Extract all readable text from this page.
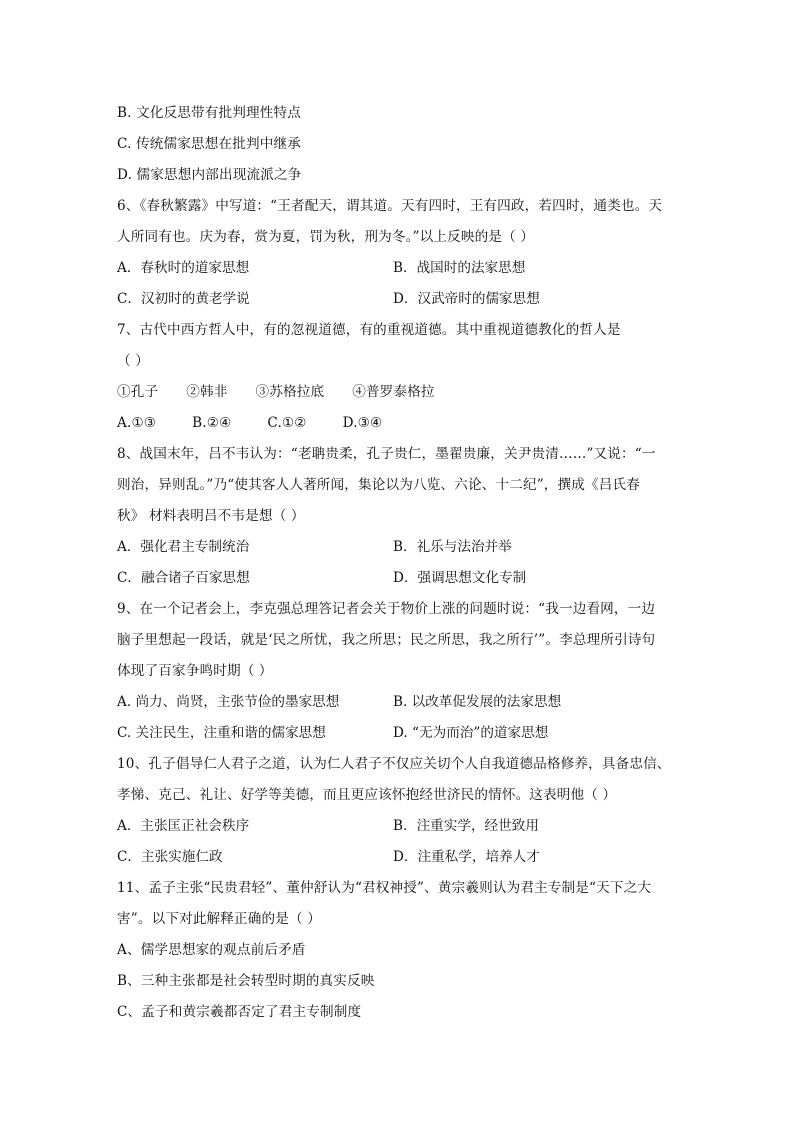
B. 文化反思带有批判理性特点
C. 传统儒家思想在批判中继承
D. 儒家思想内部出现流派之争
6、《春秋繁露》中写道：“王者配天，谓其道。天有四时，王有四政，若四时，通类也。天
人所同有也。庆为春，赏为夏，罚为秋，刑为冬。”以上反映的是（ ）
A．春秋时的道家思想	B．战国时的法家思想
C．汉初时的黄老学说	D．汉武帝时的儒家思想
7、古代中西方哲人中，有的忽视道德，有的重视道德。其中重视道德教化的哲人是
（ ）
①孔子 ②韩非 ③苏格拉底 ④普罗泰格拉
A.①③	B.②④	C.①②	D.③④
8、战国末年，吕不韦认为：“老聃贵柔，孔子贵仁，墨翟贵廉，关尹贵清……”又说：“一
则治，异则乱。”乃“使其客人人著所闻，集论以为八览、六论、十二纪”，撰成《吕氏春
秋》 材料表明吕不韦是想（ ）
A．强化君主专制统治	B．礼乐与法治并举
C．融合诸子百家思想	D．强调思想文化专制
9、在一个记者会上，李克强总理答记者会关于物价上涨的问题时说：“我一边看网，一边
脑子里想起一段话，就是‘民之所忧，我之所思；民之所思，我之所行’”。李总理所引诗句
体现了百家争鸣时期（ ）
A. 尚力、尚贤，主张节俭的墨家思想	B. 以改革促发展的法家思想
C. 关注民生，注重和谐的儒家思想	D. “无为而治”的道家思想
10、孔子倡导仁人君子之道，认为仁人君子不仅应关切个人自我道德品格修养，具备忠信、
孝悌、克己、礼让、好学等美德，而且更应该怀抱经世济民的情怀。这表明他（ ）
A．主张匡正社会秩序	B．注重实学，经世致用
C．主张实施仁政	D．注重私学，培养人才
11、孟子主张“民贵君轻”、董仲舒认为“君权神授”、黄宗羲则认为君主专制是“天下之大
害”。以下对此解释正确的是（ ）
A、儒学思想家的观点前后矛盾
B、三种主张都是社会转型时期的真实反映
C、孟子和黄宗羲都否定了君主专制制度
